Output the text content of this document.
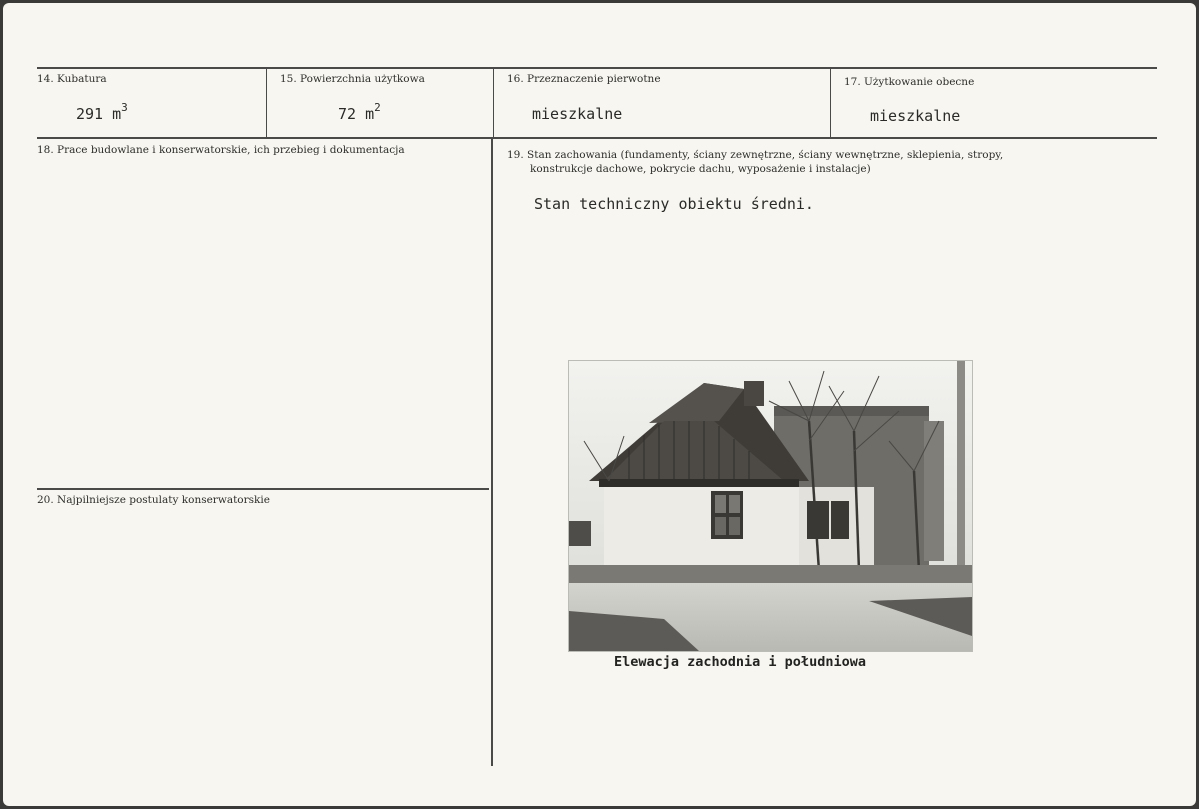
14. Kubatura
291 $m^3$
15. Powierzchnia użytkowa
72 $m^2$
16. Przeznaczenie pierwotne
mieszkalne
17. Użytkowanie obecne
mieszkalne
18. Prace budowlane i konserwatorskie, ich przebieg i dokumentacja	19. Stan zachowania (fundamenty, ściany zewnętrzne, ściany wewnętrzne, sklepienia, stropy,
konstrukcje dachowe, pokrycie dachu, wyposażenie i instalacje)
Stan techniczny obiektu średni.
20. Najpilniejsze postulaty konserwatorskie
Elewacja zachodnia i południowa
